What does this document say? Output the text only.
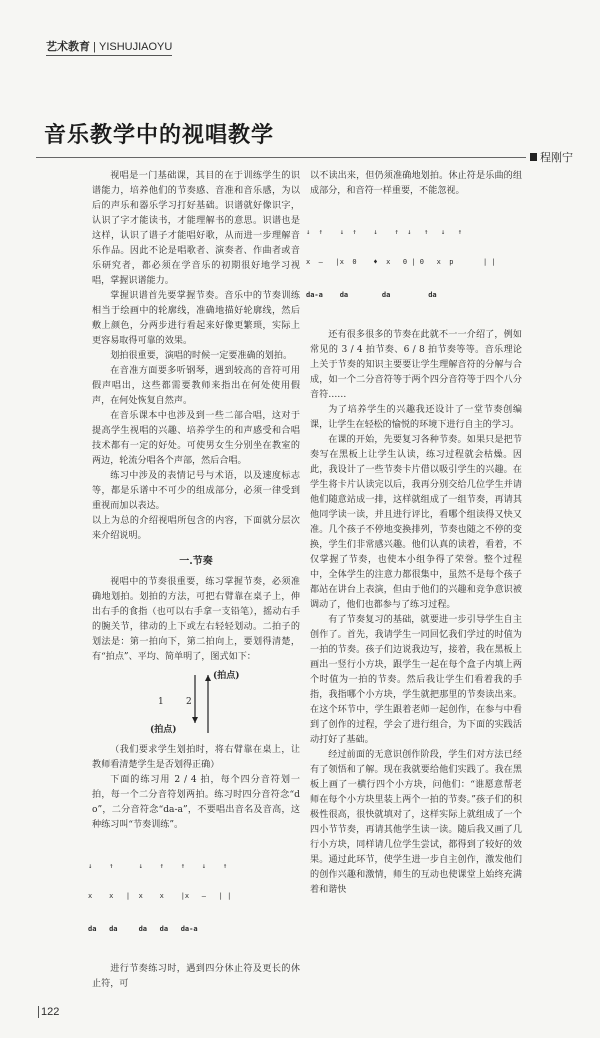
艺术教育 | YISHUJIAOYU
音乐教学中的视唱教学
程刚宁

视唱是一门基础课，其目的在于训练学生的识谱能力，培养他们的节奏感、音准和音乐感，为以后的声乐和器乐学习打好基础。识谱就好像识字，认识了字才能读书，才能理解书的意思。识谱也是这样，认识了谱子才能唱好歌，从而进一步理解音乐作品。因此不论是唱歌者、演奏者、作曲者或音乐研究者，都必须在学音乐的初期很好地学习视唱，掌握识谱能力。

掌握识谱首先要掌握节奏。音乐中的节奏训练相当于绘画中的轮廓线，准确地描好轮廓线，然后敷上颜色，分两步进行看起来好像更繁琐，实际上更容易取得可靠的效果。

划拍很重要，演唱的时候一定要准确的划拍。

在音准方面要多听钢琴，遇到较高的音符可用假声唱出，这些都需要教师来指出在何处使用假声，在何处恢复自然声。

在音乐课本中也涉及到一些二部合唱，这对于提高学生视唱的兴趣、培养学生的和声感受和合唱技术都有一定的好处。可使男女生分别坐在教室的两边，轮流分唱各个声部，然后合唱。

练习中涉及的表情记号与术语，以及速度标志等，都是乐谱中不可少的组成部分，必须一律受到重视而加以表达。

以上为总的介绍视唱所包含的内容，下面就分层次来介绍说明。

一.节奏

视唱中的节奏很重要，练习掌握节奏，必须准确地划拍。划拍的方法，可把右臂靠在桌子上，伸出右手的食指（也可以右手拿一支铅笔），摇动右手的腕关节，律动的上下或左右轻轻划动。二拍子的划法是：第一拍向下，第二拍向上，要划得清楚，有“拍点”、平均、简单明了，图式如下：

(拍点)
1 2
(拍点)

（我们要求学生划拍时，将右臂靠在桌上，让教师看清楚学生是否划得正确）

下面的练习用 2 / 4 拍，每个四分音符划一拍，每一个二分音符划两拍。练习时四分音符念“do”，二分音符念“da-a”，不要唱出音名及音高，这种练习叫“节奏训练”。

↓    ↑      ↓    ↑    ↑    ↓    ↑

x    x   |  x    x    |x   —   | |

da   da     da   da   da-a

进行节奏练习时，遇到四分休止符及更长的休止符，可

以不读出来，但仍须准确地划拍。休止符是乐曲的组成部分，和音符一样重要，不能忽视。

↓  ↑    ↓  ↑    ↓    ↑  ↓   ↑   ↓   ↑

x  —   |x  0    ♦  x   0 | 0   x  p       | |

da-a    da        da         da

还有很多很多的节奏在此就不一一介绍了，例如常见的 3 / 4 拍节奏、6 / 8 拍节奏等等。音乐理论上关于节奏的知识主要要让学生理解音符的分解与合成，如一个二分音符等于两个四分音符等于四个八分音符……

为了培养学生的兴趣我还设计了一堂节奏创编课，让学生在轻松的愉悦的环境下进行自主的学习。

在课的开始，先要复习各种节奏。如果只是把节奏写在黑板上让学生认读，练习过程就会枯燥。因此，我设计了一些节奏卡片借以吸引学生的兴趣。在学生将卡片认读完以后，我再分别交给几位学生并请他们随意站成一排，这样就组成了一组节奏，再请其他同学读一读，并且进行评比，看哪个组读得又快又准。几个孩子不停地变换排列，节奏也随之不停的变换，学生们非常感兴趣。他们认真的读着，看着，不仅掌握了节奏，也使本小组争得了荣誉。整个过程中，全体学生的注意力都很集中，虽然不是每个孩子都站在讲台上表演，但由于他们的兴趣和竞争意识被调动了，他们也都参与了练习过程。

有了节奏复习的基础，就要进一步引导学生自主创作了。首先，我请学生一同回忆我们学过的时值为一拍的节奏。孩子们边说我边写，接着，我在黑板上画出一竖行小方块，跟学生一起在每个盒子内填上两个时值为一拍的节奏。然后我让学生们看着我的手指，我指哪个小方块，学生就把那里的节奏读出来。在这个环节中，学生跟着老师一起创作，在参与中看到了创作的过程，学会了进行组合，为下面的实践活动打好了基础。

经过前面的无意识创作阶段，学生们对方法已经有了领悟和了解。现在我就要给他们实践了。我在黑板上画了一横行四个小方块，问他们：“谁愿意帮老师在每个小方块里装上两个一拍的节奏。”孩子们的积极性很高，很快就填对了，这样实际上就组成了一个四小节节奏，再请其他学生读一读。随后我又画了几行小方块，同样请几位学生尝试，都得到了较好的效果。通过此环节，使学生进一步自主创作，激发他们的创作兴趣和激情，师生的互动也使课堂上始终充满着和谐快

122
